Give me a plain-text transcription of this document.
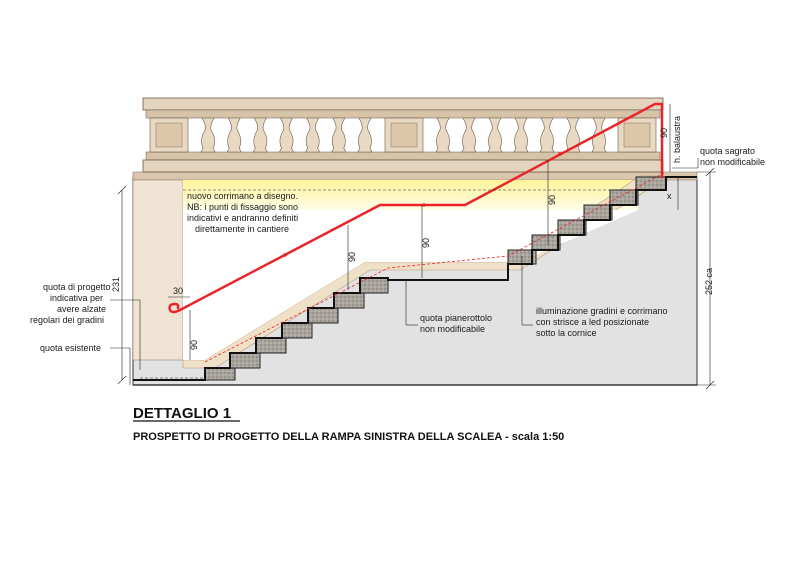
nuovo corrimano a disegno.
NB: i punti di fissaggio sono
indicativi e andranno definiti
direttamente in cantiere
quota di progetto
indicativa per
avere alzate
regolari dei gradini
quota esistente
quota pianerottolo
non modificabile
illuminazione gradini e corrimano
con strisce a led posizionate
sotto la cornice
quota sagrato
non modificabile
231	30
90
90
90
90
90 h. balaustra
x
252 ca
DETTAGLIO 1
PROSPETTO DI PROGETTO DELLA RAMPA SINISTRA DELLA SCALEA - scala 1:50
